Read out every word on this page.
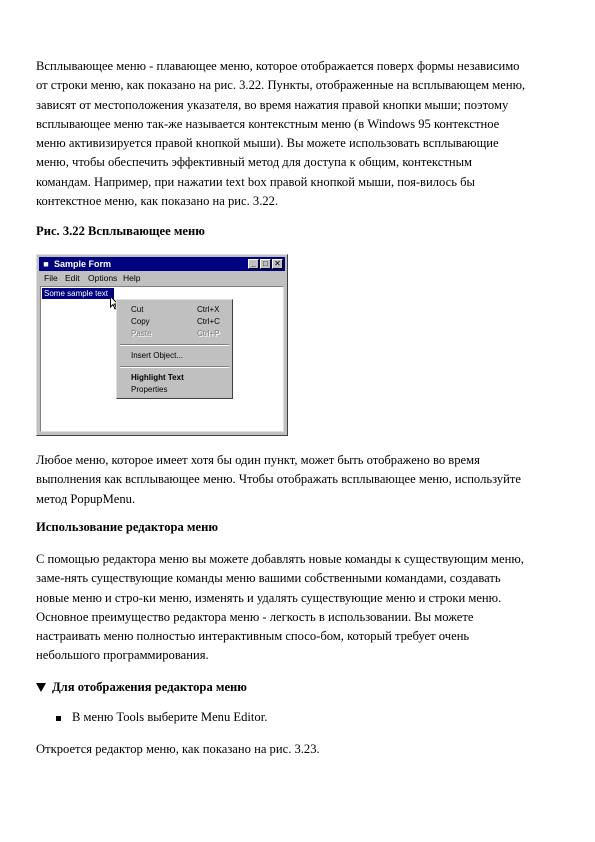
Всплывающее меню - плавающее меню, которое отображается поверх формы независимо
от строки меню, как показано на рис. 3.22. Пункты, отображенные на всплывающем меню,
зависят от местоположения указателя, во время нажатия правой кнопки мыши; поэтому
всплывающее меню так-же называется контекстным меню (в Windows 95 контекстное
меню активизируется правой кнопкой мыши). Вы можете использовать всплывающие
меню, чтобы обеспечить эффективный метод для доступа к общим, контекстным
командам. Например, при нажатии text box правой кнопкой мыши, поя-вилось бы
контекстное меню, как показано на рис. 3.22.

Рис. 3.22 Всплывающее меню

■ Sample Form	_ □ ✕
File Edit Options Help
Some sample text
Cut	Ctrl+X
Copy	Ctrl+C
Paste	Ctrl+P
Insert Object...
Highlight Text
Properties

Любое меню, которое имеет хотя бы один пункт, может быть отображено во время
выполнения как всплывающее меню. Чтобы отображать всплывающее меню, используйте
метод PopupMenu.

Использование редактора меню

С помощью редактора меню вы можете добавлять новые команды к существующим меню,
заме-нять существующие команды меню вашими собственными командами, создавать
новые меню и стро-ки меню, изменять и удалять существующие меню и строки меню.
Основное преимущество редактора меню - легкость в использовании. Вы можете
настраивать меню полностью интерактивным спосо-бом, который требует очень
небольшого программирования.

Для отображения редактора меню

В меню Tools выберите Menu Editor.

Откроется редактор меню, как показано на рис. 3.23.
